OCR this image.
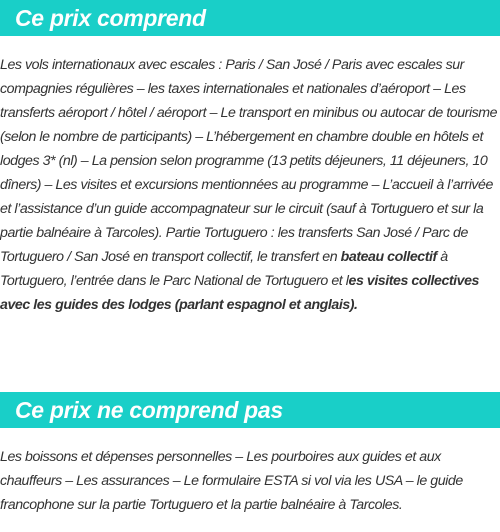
Ce prix comprend

Les vols internationaux avec escales : Paris / San José / Paris avec escales sur compagnies régulières – les taxes internationales et nationales d’aéroport – Les transferts aéroport / hôtel / aéroport – Le transport en minibus ou autocar de tourisme (selon le nombre de participants) – L’hébergement en chambre double en hôtels et lodges 3* (nl) – La pension selon programme (13 petits déjeuners, 11 déjeuners, 10 dîners) – Les visites et excursions mentionnées au programme – L’accueil à l’arrivée et l’assistance d’un guide accompagnateur sur le circuit (sauf à Tortuguero et sur la partie balnéaire à Tarcoles). Partie Tortuguero : les transferts San José / Parc de Tortuguero / San José en transport collectif, le transfert en bateau collectif à Tortuguero, l’entrée dans le Parc National de Tortuguero et les visites collectives avec les guides des lodges (parlant espagnol et anglais).

Ce prix ne comprend pas

Les boissons et dépenses personnelles – Les pourboires aux guides et aux chauffeurs – Les assurances – Le formulaire ESTA si vol via les USA – le guide francophone sur la partie Tortuguero et la partie balnéaire à Tarcoles.
